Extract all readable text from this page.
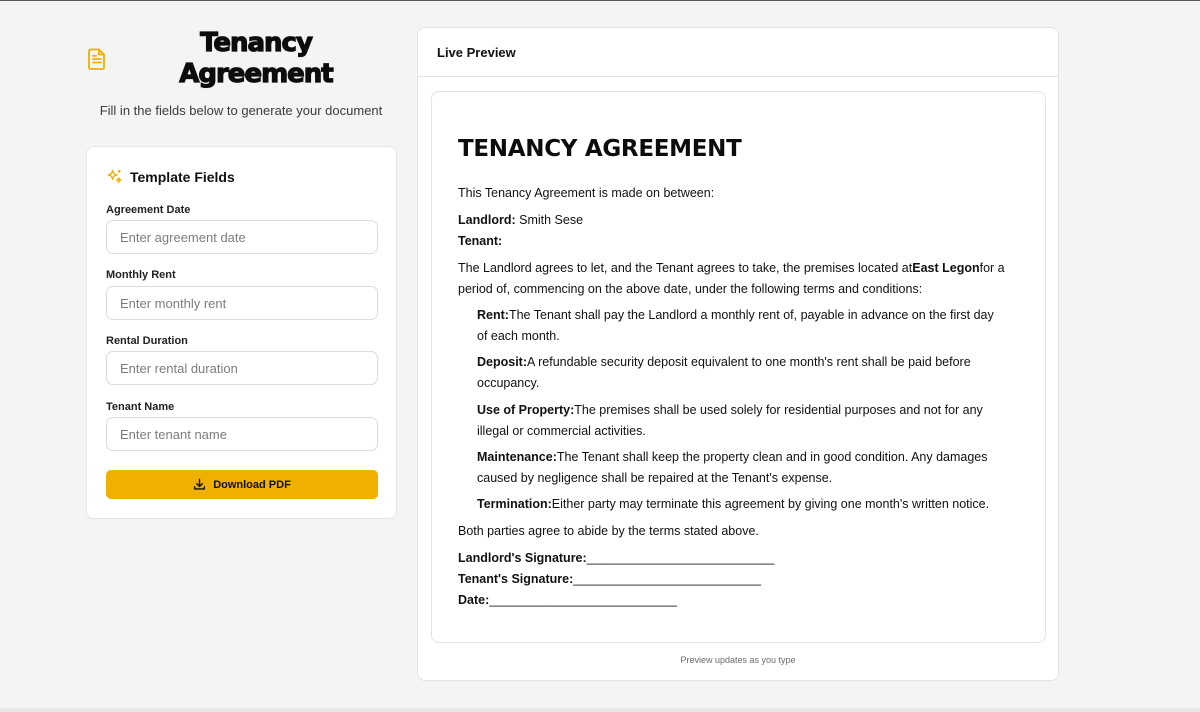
Tenancy Agreement
Fill in the fields below to generate your document
Template Fields
Agreement Date
Enter agreement date
Monthly Rent
Enter monthly rent
Rental Duration
Enter rental duration
Tenant Name
Enter tenant name
Download PDF
Live Preview
TENANCY AGREEMENT
This Tenancy Agreement is made on between:
Landlord: Smith Sese
Tenant:
The Landlord agrees to let, and the Tenant agrees to take, the premises located atEast Legonfor a
period of, commencing on the above date, under the following terms and conditions:
Rent:The Tenant shall pay the Landlord a monthly rent of, payable in advance on the first day
of each month.
Deposit:A refundable security deposit equivalent to one month's rent shall be paid before
occupancy.
Use of Property:The premises shall be used solely for residential purposes and not for any
illegal or commercial activities.
Maintenance:The Tenant shall keep the property clean and in good condition. Any damages
caused by negligence shall be repaired at the Tenant's expense.
Termination:Either party may terminate this agreement by giving one month's written notice.
Both parties agree to abide by the terms stated above.
Landlord's Signature:___________________________
Tenant's Signature:___________________________
Date:___________________________
Preview updates as you type
